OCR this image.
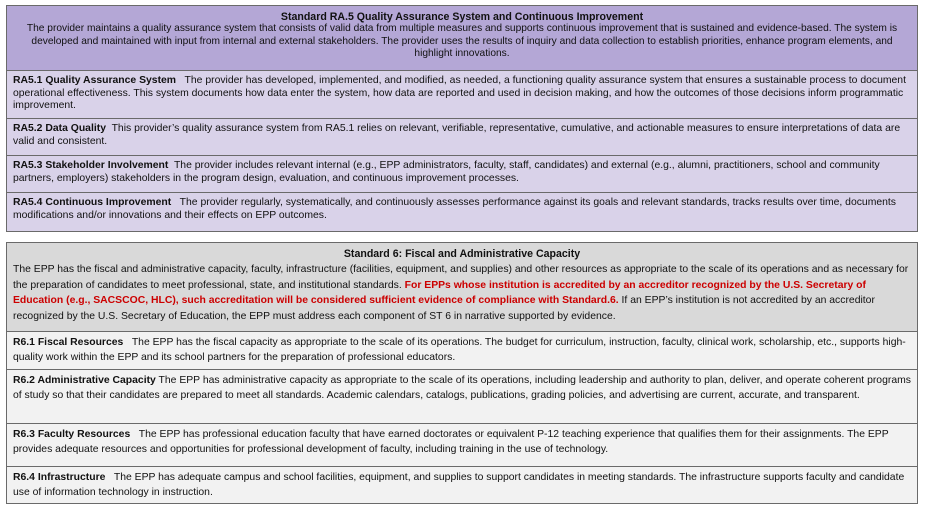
Standard RA.5 Quality Assurance System and Continuous Improvement
The provider maintains a quality assurance system that consists of valid data from multiple measures and supports continuous improvement that is sustained and evidence-based. The system is developed and maintained with input from internal and external stakeholders. The provider uses the results of inquiry and data collection to establish priorities, enhance program elements, and highlight innovations.
RA5.1 Quality Assurance System The provider has developed, implemented, and modified, as needed, a functioning quality assurance system that ensures a sustainable process to document operational effectiveness. This system documents how data enter the system, how data are reported and used in decision making, and how the outcomes of those decisions inform programmatic improvement.
RA5.2 Data Quality This provider’s quality assurance system from RA5.1 relies on relevant, verifiable, representative, cumulative, and actionable measures to ensure interpretations of data are valid and consistent.
RA5.3 Stakeholder Involvement The provider includes relevant internal (e.g., EPP administrators, faculty, staff, candidates) and external (e.g., alumni, practitioners, school and community partners, employers) stakeholders in the program design, evaluation, and continuous improvement processes.
RA5.4 Continuous Improvement The provider regularly, systematically, and continuously assesses performance against its goals and relevant standards, tracks results over time, documents modifications and/or innovations and their effects on EPP outcomes.
Standard 6: Fiscal and Administrative Capacity
The EPP has the fiscal and administrative capacity, faculty, infrastructure (facilities, equipment, and supplies) and other resources as appropriate to the scale of its operations and as necessary for the preparation of candidates to meet professional, state, and institutional standards. For EPPs whose institution is accredited by an accreditor recognized by the U.S. Secretary of Education (e.g., SACSCOC, HLC), such accreditation will be considered sufficient evidence of compliance with Standard.6. If an EPP’s institution is not accredited by an accreditor recognized by the U.S. Secretary of Education, the EPP must address each component of ST 6 in narrative supported by evidence.
R6.1 Fiscal Resources The EPP has the fiscal capacity as appropriate to the scale of its operations. The budget for curriculum, instruction, faculty, clinical work, scholarship, etc., supports high-quality work within the EPP and its school partners for the preparation of professional educators.
R6.2 Administrative Capacity The EPP has administrative capacity as appropriate to the scale of its operations, including leadership and authority to plan, deliver, and operate coherent programs of study so that their candidates are prepared to meet all standards. Academic calendars, catalogs, publications, grading policies, and advertising are current, accurate, and transparent.
R6.3 Faculty Resources The EPP has professional education faculty that have earned doctorates or equivalent P-12 teaching experience that qualifies them for their assignments. The EPP provides adequate resources and opportunities for professional development of faculty, including training in the use of technology.
R6.4 Infrastructure The EPP has adequate campus and school facilities, equipment, and supplies to support candidates in meeting standards. The infrastructure supports faculty and candidate use of information technology in instruction.
